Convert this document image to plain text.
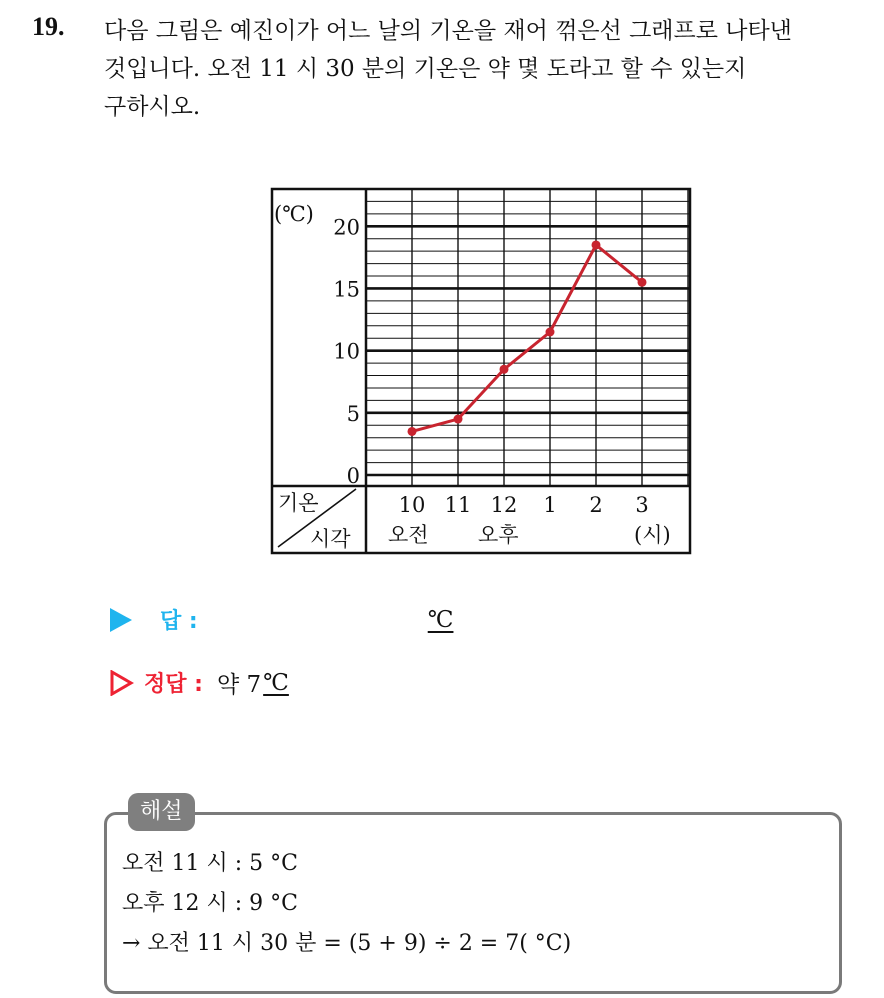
19. 다음 그림은 예진이가 어느 날의 기온을 재어 꺾은선 그래프로 나타낸
것입니다. 오전 11 시 30 분의 기온은 약 몇 도라고 할 수 있는지
구하시오.
(℃)
0
5
10
15
20
10 11 12 1 2 3
기온
시각 오전 오후	(시)
답 :	℃
정답 : 약 7 ℃
해설
오전 11 시 : 5 °C
오후 12 시 : 9 °C
→ 오전 11 시 30 분 = (5 + 9) ÷ 2 = 7( °C)
